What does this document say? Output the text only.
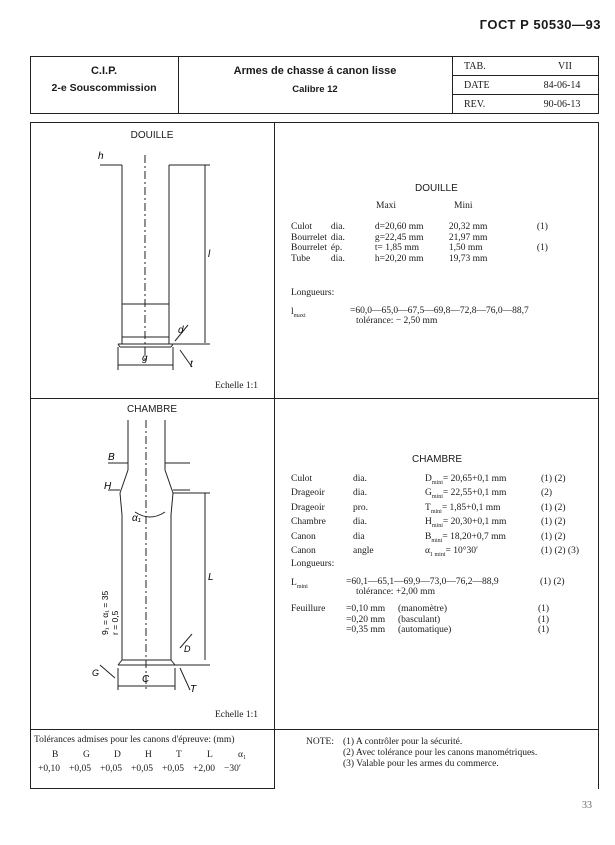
ГОСТ Р 50530—93
C.I.P.
2-e Souscommission
Armes de chasse á canon lisse
Calibre 12
TAB.	VII
DATE	84-06-14
REV.	90-06-13
DOUILLE
h
l
d
g
t
Echelle 1:1
DOUILLE
Maxi	Mini
Culot	dia.	d=20,60 mm	20,32 mm	(1)
Bourrelet	dia.	g=22,45 mm	21,97 mm	
Bourrelet	ép.	t= 1,85 mm	1,50 mm	(1)
Tube	dia.	h=20,20 mm	19,73 mm	
Longueurs:
$l_{maxi}$	=60,0—65,0—67,5—69,8—72,8—76,0—88,7
tolérance: − 2,50 mm
CHAMBRE
B
H
α₁
L
D
C
T
G
9₁ = α₁ = 35 r = 0,5
Echelle 1:1
CHAMBRE
Culot	dia.	$D_{mini}= 20,65+0,1$ mm	(1) (2)
Drageoir	dia.	$G_{mini}= 22,55+0,1$ mm	(2)
Drageoir	pro.	$T_{mini}= 1,85+0,1$ mm	(1) (2)
Chambre	dia.	$H_{mini}= 20,30+0,1$ mm	(1) (2)
Canon	dia	$B_{mini}= 18,20+0,7$ mm	(1) (2)
Canon	angle	$\alpha_{1 mini}= 10^\circ 30'$	(1) (2) (3)
Longueurs:
$L_{mini}$	=60,1—65,1—69,9—73,0—76,2—88,9	(1) (2)
tolérance: +2,00 mm
Feuillure =0,10 mm	(manomètre)	(1)
=0,20 mm	(basculant)	(1)
=0,35 mm	(automatique)	(1)
Tolérances admises pour les canons d'épreuve: (mm)
B	G	D	H	T	L	α₁
+0,10 +0,05 +0,05 +0,05 +0,05 +2,00 −30′
NOTE: (1) A contrôler pour la sécurité.
(2) Avec tolérance pour les canons manométriques.
(3) Valable pour les armes du commerce.
33
